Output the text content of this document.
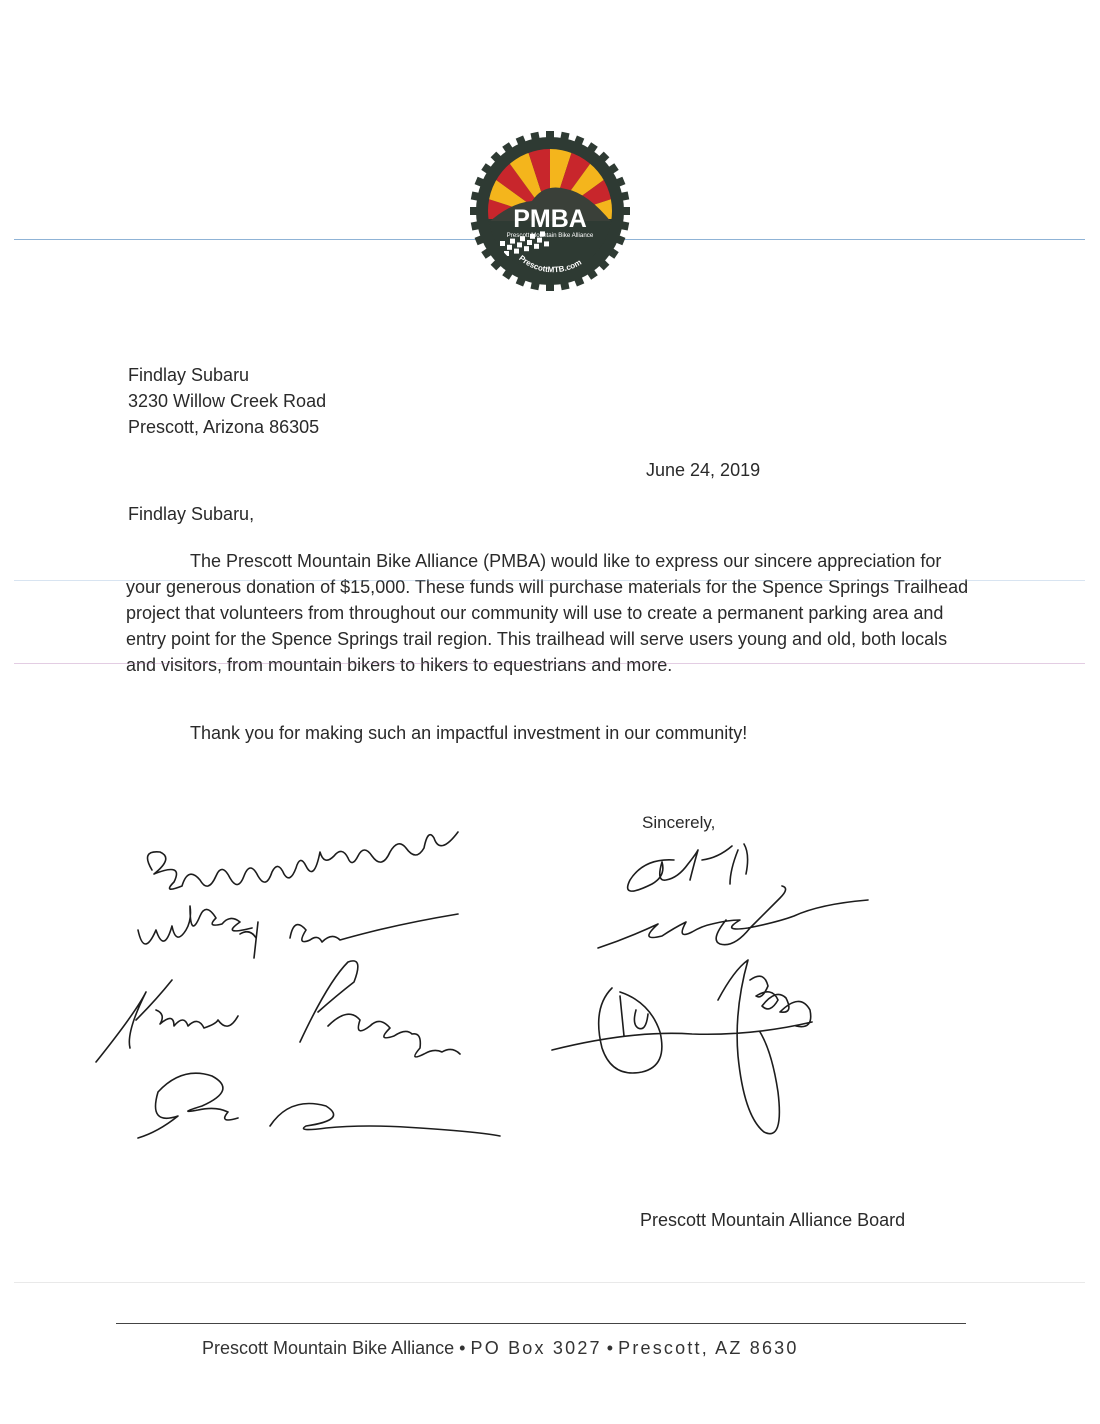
PMBA
Prescott Mountain Bike Alliance
PrescottMTB.com
Findlay Subaru
3230 Willow Creek Road
Prescott, Arizona 86305
June 24, 2019
Findlay Subaru,
The Prescott Mountain Bike Alliance (PMBA) would like to express our sincere appreciation for your generous donation of $15,000. These funds will purchase materials for the Spence Springs Trailhead project that volunteers from throughout our community will use to create a permanent parking area and entry point for the Spence Springs trail region. This trailhead will serve users young and old, both locals and visitors, from mountain bikers to hikers to equestrians and more.
Thank you for making such an impactful investment in our community!
Sincerely,
Prescott Mountain Alliance Board
Prescott Mountain Bike Alliance • PO Box 3027 • Prescott, AZ 8630
